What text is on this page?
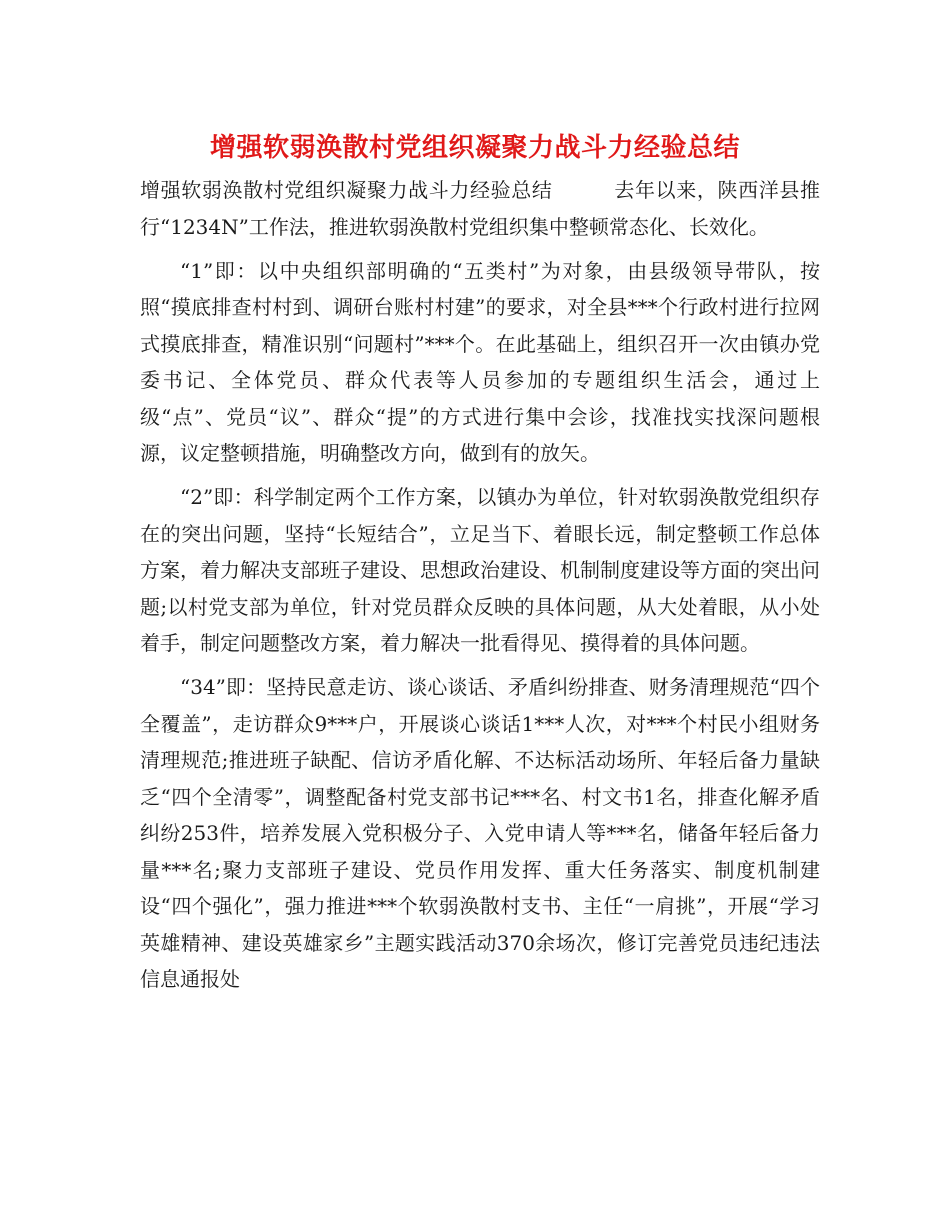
增强软弱涣散村党组织凝聚力战斗力经验总结

增强软弱涣散村党组织凝聚力战斗力经验总结　　　去年以来，陕西洋县推行“1234N”工作法，推进软弱涣散村党组织集中整顿常态化、长效化。

“1”即：以中央组织部明确的“五类村”为对象，由县级领导带队，按照“摸底排查村村到、调研台账村村建”的要求，对全县***个行政村进行拉网式摸底排查，精准识别“问题村”***个。在此基础上，组织召开一次由镇办党委书记、全体党员、群众代表等人员参加的专题组织生活会，通过上级“点”、党员“议”、群众“提”的方式进行集中会诊，找准找实找深问题根源，议定整顿措施，明确整改方向，做到有的放矢。

“2”即：科学制定两个工作方案，以镇办为单位，针对软弱涣散党组织存在的突出问题，坚持“长短结合”，立足当下、着眼长远，制定整顿工作总体方案，着力解决支部班子建设、思想政治建设、机制制度建设等方面的突出问题;以村党支部为单位，针对党员群众反映的具体问题，从大处着眼，从小处着手，制定问题整改方案，着力解决一批看得见、摸得着的具体问题。

“34”即：坚持民意走访、谈心谈话、矛盾纠纷排查、财务清理规范“四个全覆盖”，走访群众9***户，开展谈心谈话1***人次，对***个村民小组财务清理规范;推进班子缺配、信访矛盾化解、不达标活动场所、年轻后备力量缺乏“四个全清零”，调整配备村党支部书记***名、村文书1名，排查化解矛盾纠纷253件，培养发展入党积极分子、入党申请人等***名，储备年轻后备力量***名;聚力支部班子建设、党员作用发挥、重大任务落实、制度机制建设“四个强化”，强力推进***个软弱涣散村支书、主任“一肩挑”，开展“学习英雄精神、建设英雄家乡”主题实践活动370余场次，修订完善党员违纪违法信息通报处
